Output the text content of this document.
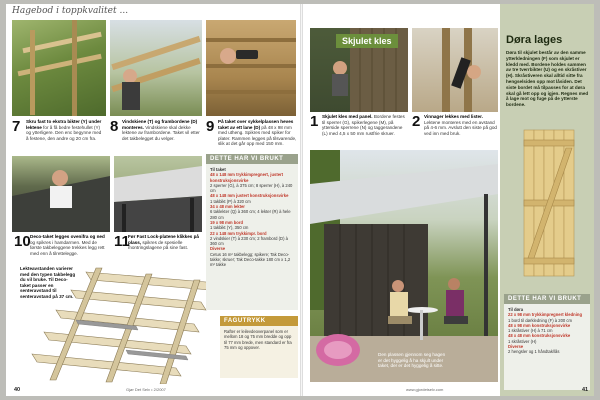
Hagebod i toppkvalitet ...
7 Skru fast to ekstra bikter (Y) under lektene for å få bedre festehullet (Y) og ytterligere. Den enc begynne med å festene, den andre og 20 cm fra.
8 Vindskiene (T) og frambordene (D) monteres. Vindskiene skal dekke lektene av frambordene. Taket vil etter det takbelegget du velger.
9 På taket over sykkelplassen heves taket av ett lane (D) på 48 x 98 mm med utheng. Spikres med spiker for plater. Rammen legges på tilsvarende, slik at det går opp med 150 mm.
10 Deco-taket legges ovenifra og ned og spikres i hamdarmen. Med de første takbeleggene trekkes legg rett med enn å tilrettelegge.
11
Før Fast Lock-platene klikkes på plass, spikres de spesielle montringslagene på sine fast.
Lekteavstanden varierer med den typen takbelegg du vil bruke. Til Deco-taket passer en senteravstand til senteravstand på 37 cm.
DETTE HAR VI BRUKT
Til taket
48 x 148 mm trykkimpregnert, justert konstruksjonsvirke
2 sperrer (G), à 375 cm; 8 sperrer (H), à 240 cm
48 x 148 mm justert konstruksjonsvirke
1 takbikt (P) à 320 cm
34 x 48 mm lekter
6 taklekter (Q) à 360 cm; 4 lekter (R) à hele 280 cm
19 x 98 mm bord
1 takbikt (Y), 350 cm
22 x 148 mm trykkimpr. bord
2 vindskier (T) à 230 cm; 2 frambord (D) à 360 cm
Diverse
Cetus 16 m² takbelegg; spikere; Tak Deco-takke; skruer; Tak Deco-takke 180 cm x 1,2 m² takke
FAGUTRYKK
Rafter er leilevdeoverpanel som er mellom 18 og 75 mm bredde og opp til 77 mm brede, men standard er fra 75 mm og oppover.
40	Gjør Det Selv • 2/2007
Skjulet kles
1 Skjulet kles med panel. Bordene festes til sperrer (G), spikerlegene (M), på ytterside sperrene (N) og taggerandene (L) med 4,5 x 50 mm rustfrie skruer.
2 Vinnager lekkes med lister. Lektene monteres med en avstand på 4-6 mm. Avslutt den siste på god ved inn med bruk.
Den plassen gjennom seg hagen er det hyggelig å ha skjult under taket, der er det hyggelig å sitte.
Døra lages
Døra til skjulet består av den samme ytterkledningen (F) som skjulet er kledd med. Bordene holdes sammen av tre tverrbikter (U) og en skråstiver (H). Skråstiveren skal alltid sitte fra hengselsiden opp mot låsiden. Det siste bordet må tilpasses for at døra skal gå lett opp og igjen. Regnes med å lage mot og fuge på de ytterste bordene.
DETTE HAR VI BRUKT
Til døra
22 x 98 mm trykkimpregnert kledning
1 bord til dørkledning (F) à 200 cm
48 x 98 mm konstruksjonsvirke
1 skråstiver (H) à 71 cm
48 x 48 mm konstruksjonsvirke
1 skråstiver (H)
Diverse
2 hengsler og 1 håndtak/lås
www.gjordetselv.com	41
